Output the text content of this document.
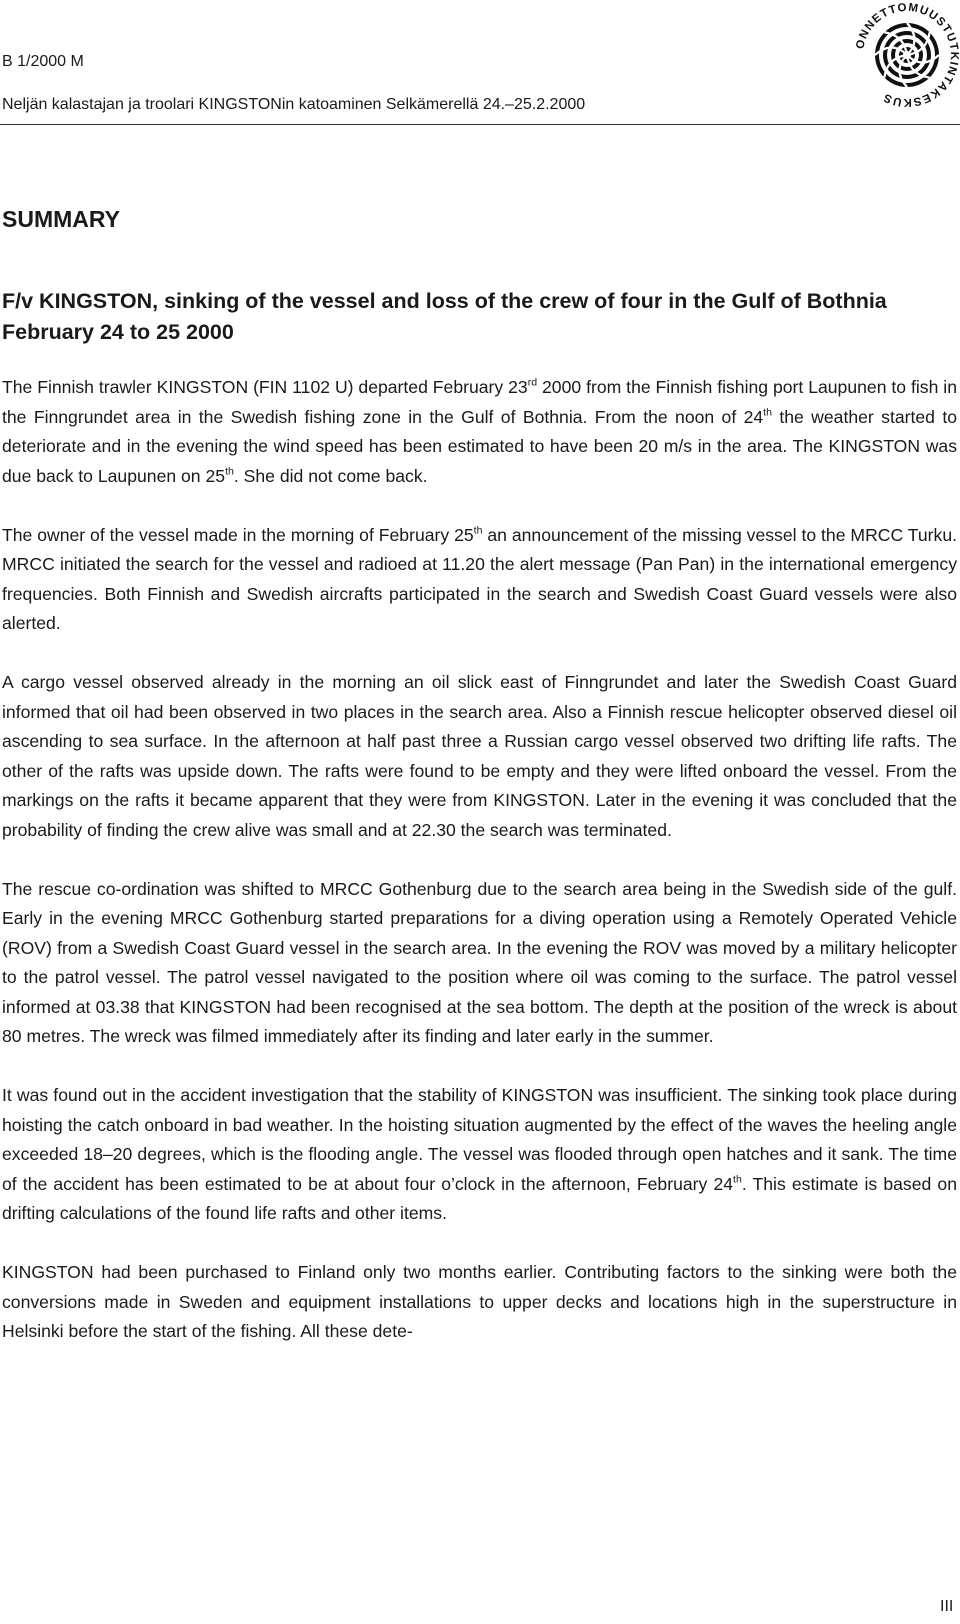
B 1/2000 M
Neljän kalastajan ja troolari KINGSTONin katoaminen Selkämerellä 24.–25.2.2000
ONNETTOMUUSTUTKINTAKESKUS
SUMMARY
F/v KINGSTON, sinking of the vessel and loss of the crew of four in the Gulf of Bothnia February 24 to 25 2000

The Finnish trawler KINGSTON (FIN 1102 U) departed February 23rd 2000 from the Finnish fishing port Laupunen to fish in the Finngrundet area in the Swedish fishing zone in the Gulf of Bothnia. From the noon of 24th the weather started to deteriorate and in the evening the wind speed has been estimated to have been 20 m/s in the area. The KINGSTON was due back to Laupunen on 25th. She did not come back.

The owner of the vessel made in the morning of February 25th an announcement of the missing vessel to the MRCC Turku. MRCC initiated the search for the vessel and radioed at 11.20 the alert message (Pan Pan) in the international emergency frequencies. Both Finnish and Swedish aircrafts participated in the search and Swedish Coast Guard vessels were also alerted.

A cargo vessel observed already in the morning an oil slick east of Finngrundet and later the Swedish Coast Guard informed that oil had been observed in two places in the search area. Also a Finnish rescue helicopter observed diesel oil ascending to sea surface. In the afternoon at half past three a Russian cargo vessel observed two drifting life rafts. The other of the rafts was upside down. The rafts were found to be empty and they were lifted onboard the vessel. From the markings on the rafts it became apparent that they were from KINGSTON. Later in the evening it was concluded that the probability of finding the crew alive was small and at 22.30 the search was terminated.

The rescue co-ordination was shifted to MRCC Gothenburg due to the search area being in the Swedish side of the gulf. Early in the evening MRCC Gothenburg started preparations for a diving operation using a Remotely Operated Vehicle (ROV) from a Swedish Coast Guard vessel in the search area. In the evening the ROV was moved by a military helicopter to the patrol vessel. The patrol vessel navigated to the position where oil was coming to the surface. The patrol vessel informed at 03.38 that KINGSTON had been recognised at the sea bottom. The depth at the position of the wreck is about 80 metres. The wreck was filmed immediately after its finding and later early in the summer.

It was found out in the accident investigation that the stability of KINGSTON was insufficient. The sinking took place during hoisting the catch onboard in bad weather. In the hoisting situation augmented by the effect of the waves the heeling angle exceeded 18–20 degrees, which is the flooding angle. The vessel was flooded through open hatches and it sank. The time of the accident has been estimated to be at about four o’clock in the afternoon, February 24th. This estimate is based on drifting calculations of the found life rafts and other items.

KINGSTON had been purchased to Finland only two months earlier. Contributing factors to the sinking were both the conversions made in Sweden and equipment installations to upper decks and locations high in the superstructure in Helsinki before the start of the fishing. All these dete-

III
